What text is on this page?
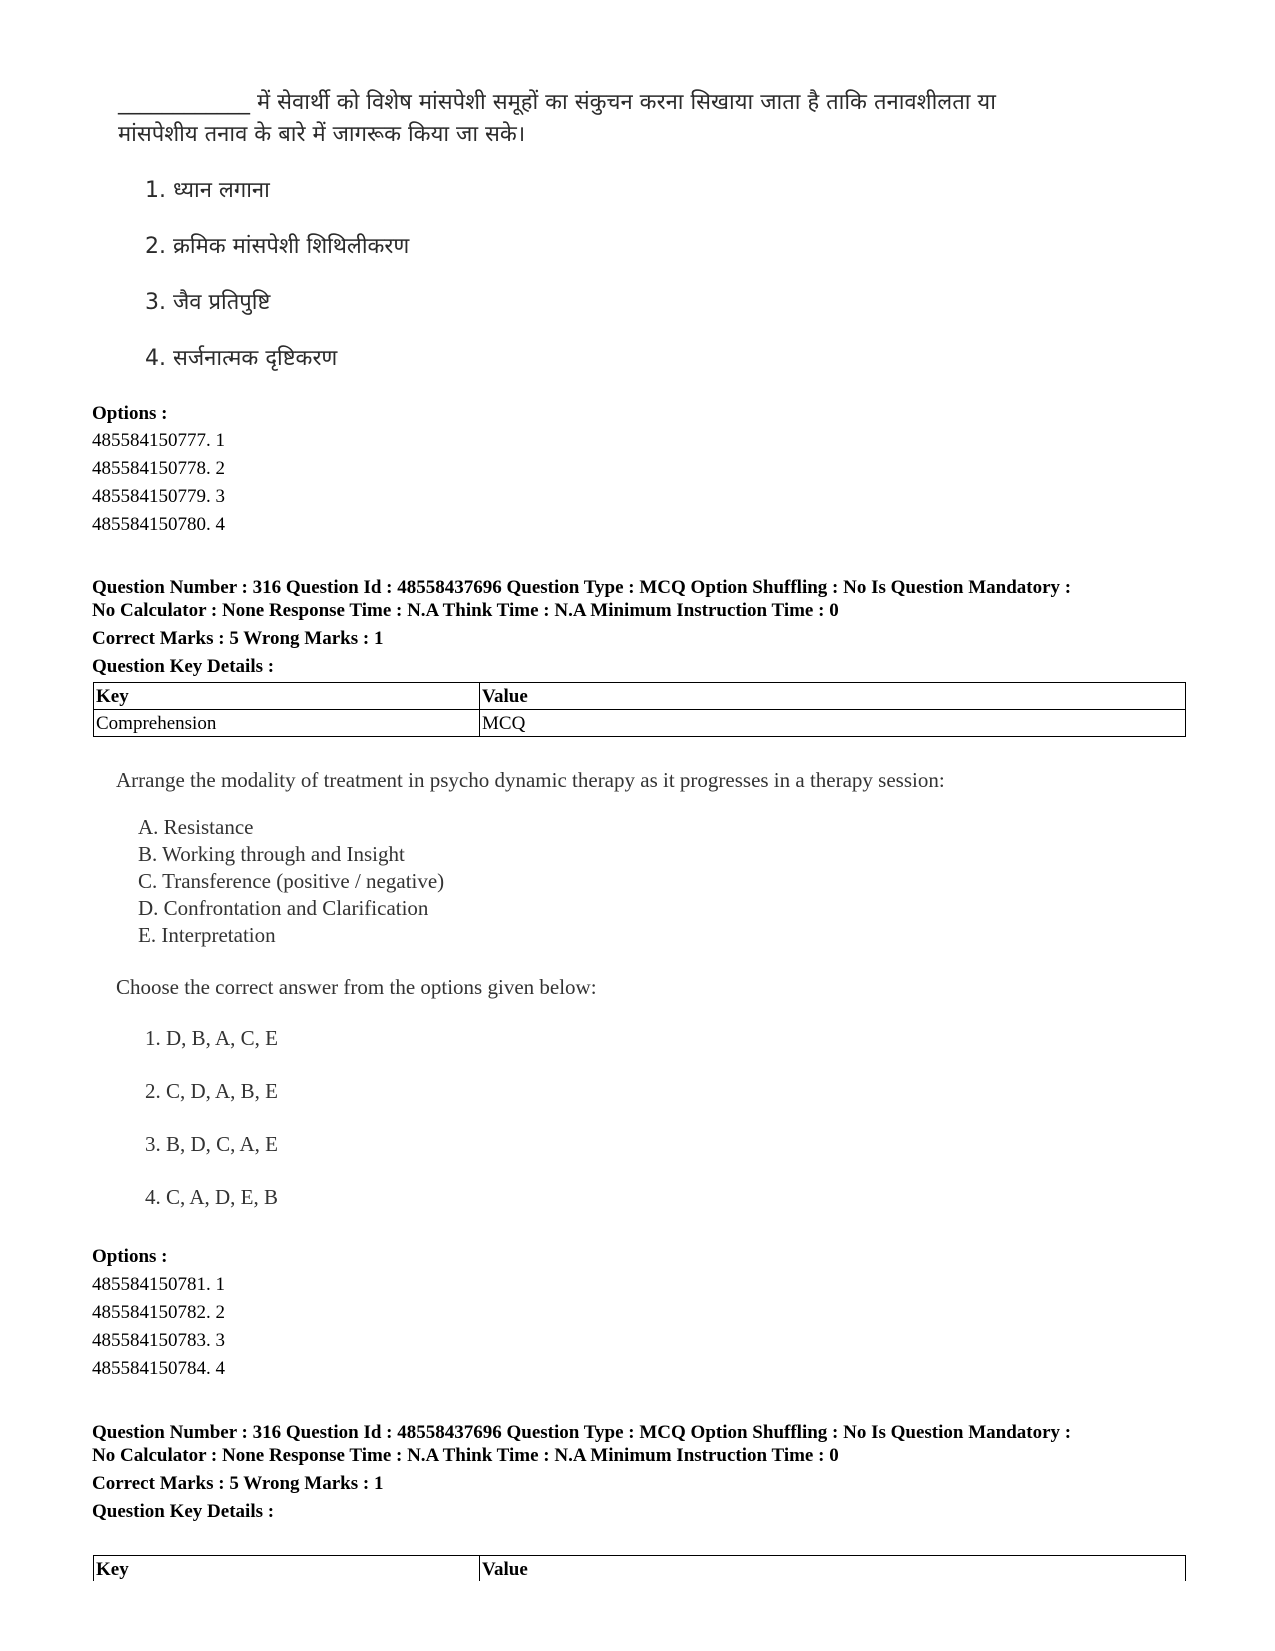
____________ में सेवार्थी को विशेष मांसपेशी समूहों का संकुचन करना सिखाया जाता है ताकि तनावशीलता या
मांसपेशीय तनाव के बारे में जागरूक किया जा सके।
1. ध्यान लगाना
2. क्रमिक मांसपेशी शिथिलीकरण
3. जैव प्रतिपुष्टि
4. सर्जनात्मक दृष्टिकरण
Options :
485584150777. 1
485584150778. 2
485584150779. 3
485584150780. 4
Question Number : 316 Question Id : 48558437696 Question Type : MCQ Option Shuffling : No Is Question Mandatory :
No Calculator : None Response Time : N.A Think Time : N.A Minimum Instruction Time : 0
Correct Marks : 5 Wrong Marks : 1
Question Key Details :
Key	Value
Comprehension	MCQ
Arrange the modality of treatment in psycho dynamic therapy as it progresses in a therapy session:
A. Resistance
B. Working through and Insight
C. Transference (positive / negative)
D. Confrontation and Clarification
E. Interpretation
Choose the correct answer from the options given below:
1. D, B, A, C, E
2. C, D, A, B, E
3. B, D, C, A, E
4. C, A, D, E, B
Options :
485584150781. 1
485584150782. 2
485584150783. 3
485584150784. 4
Question Number : 316 Question Id : 48558437696 Question Type : MCQ Option Shuffling : No Is Question Mandatory :
No Calculator : None Response Time : N.A Think Time : N.A Minimum Instruction Time : 0
Correct Marks : 5 Wrong Marks : 1
Question Key Details :
Key	Value
